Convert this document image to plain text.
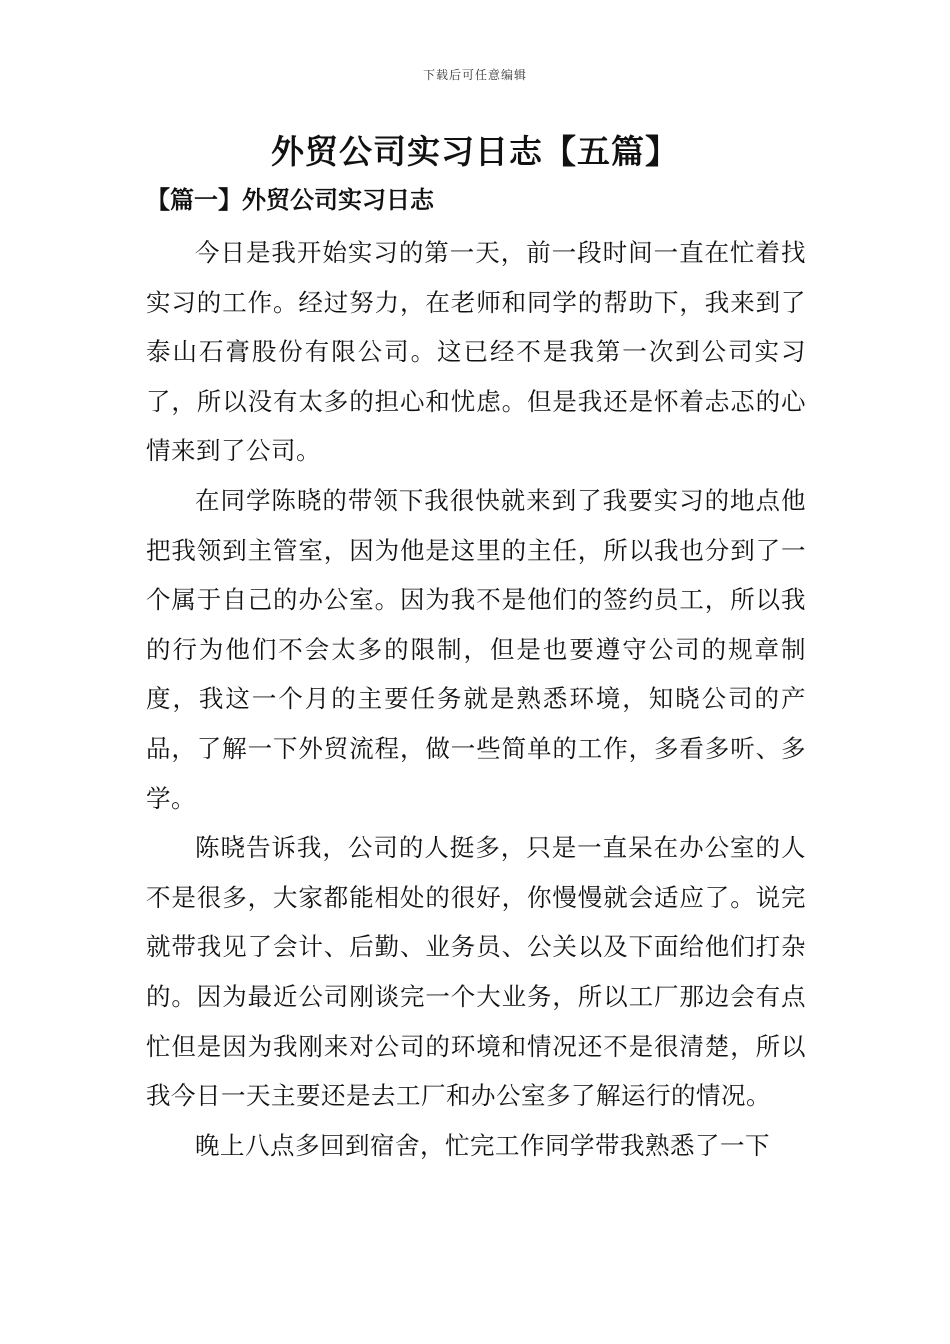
下载后可任意编辑
外贸公司实习日志【五篇】
【篇一】外贸公司实习日志

今日是我开始实习的第一天，前一段时间一直在忙着找实习的工作。经过努力，在老师和同学的帮助下，我来到了泰山石膏股份有限公司。这已经不是我第一次到公司实习了，所以没有太多的担心和忧虑。但是我还是怀着忐忑的心情来到了公司。

在同学陈晓的带领下我很快就来到了我要实习的地点他把我领到主管室，因为他是这里的主任，所以我也分到了一个属于自己的办公室。因为我不是他们的签约员工，所以我的行为他们不会太多的限制，但是也要遵守公司的规章制度，我这一个月的主要任务就是熟悉环境，知晓公司的产品，了解一下外贸流程，做一些简单的工作，多看多听、多学。

陈晓告诉我，公司的人挺多，只是一直呆在办公室的人不是很多，大家都能相处的很好，你慢慢就会适应了。说完就带我见了会计、后勤、业务员、公关以及下面给他们打杂的。因为最近公司刚谈完一个大业务，所以工厂那边会有点忙但是因为我刚来对公司的环境和情况还不是很清楚，所以我今日一天主要还是去工厂和办公室多了解运行的情况。

晚上八点多回到宿舍，忙完工作同学带我熟悉了一下
